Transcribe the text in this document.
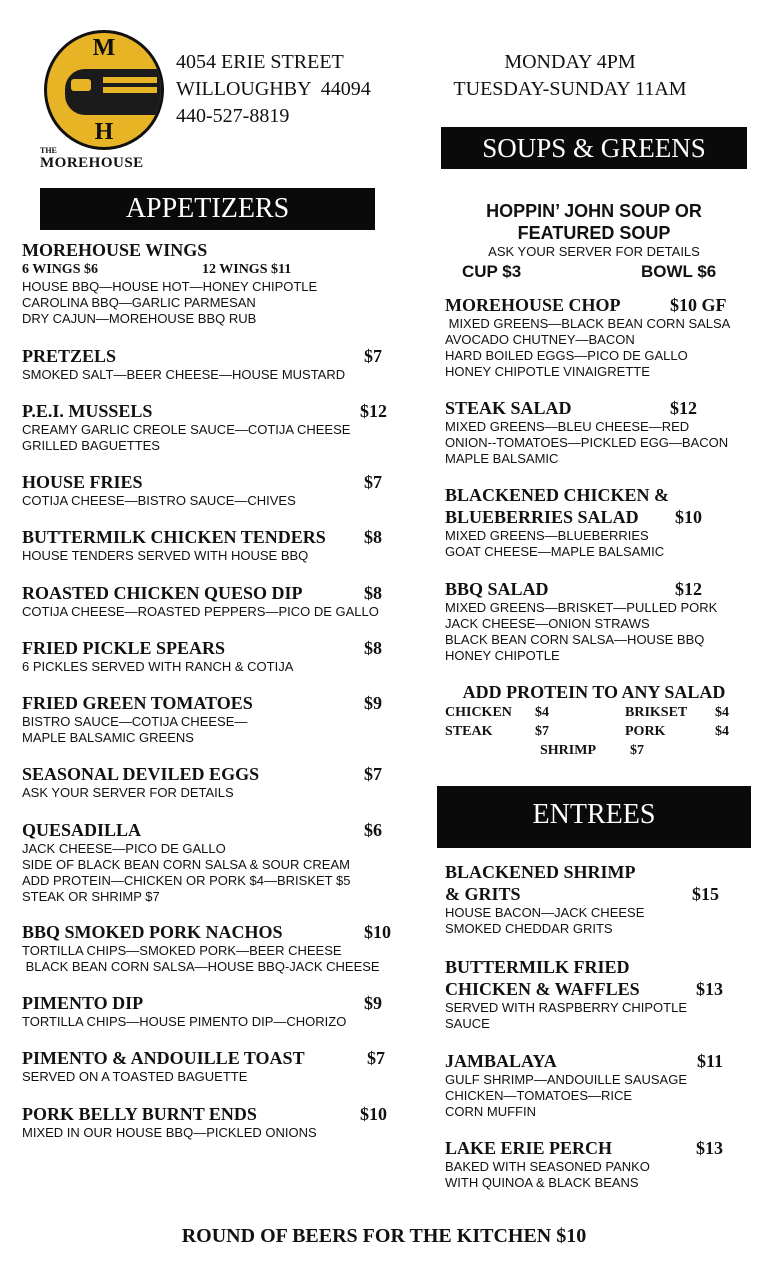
M
H
THE
MOREHOUSE
4054 ERIE STREET
WILLOUGHBY  44094
440-527-8819
MONDAY 4PM
TUESDAY-SUNDAY 11AM
SOUPS & GREENS
APPETIZERS
ENTREES
MOREHOUSE WINGS
6 WINGS $6	12 WINGS $11
HOUSE BBQ—HOUSE HOT—HONEY CHIPOTLE
CAROLINA BBQ—GARLIC PARMESAN
DRY CAJUN—MOREHOUSE BBQ RUB
PRETZELS	$7
SMOKED SALT—BEER CHEESE—HOUSE MUSTARD
P.E.I. MUSSELS	$12
CREAMY GARLIC CREOLE SAUCE—COTIJA CHEESE
GRILLED BAGUETTES
HOUSE FRIES	$7
COTIJA CHEESE—BISTRO SAUCE—CHIVES
BUTTERMILK CHICKEN TENDERS	$8
HOUSE TENDERS SERVED WITH HOUSE BBQ
ROASTED CHICKEN QUESO DIP	$8
COTIJA CHEESE—ROASTED PEPPERS—PICO DE GALLO
FRIED PICKLE SPEARS	$8
6 PICKLES SERVED WITH RANCH & COTIJA
FRIED GREEN TOMATOES	$9
BISTRO SAUCE—COTIJA CHEESE—
MAPLE BALSAMIC GREENS
SEASONAL DEVILED EGGS	$7
ASK YOUR SERVER FOR DETAILS
QUESADILLA	$6
JACK CHEESE—PICO DE GALLO
SIDE OF BLACK BEAN CORN SALSA & SOUR CREAM
ADD PROTEIN—CHICKEN OR PORK $4—BRISKET $5
STEAK OR SHRIMP $7
BBQ SMOKED PORK NACHOS	$10
TORTILLA CHIPS—SMOKED PORK—BEER CHEESE
BLACK BEAN CORN SALSA—HOUSE BBQ-JACK CHEESE
PIMENTO DIP	$9
TORTILLA CHIPS—HOUSE PIMENTO DIP—CHORIZO
PIMENTO & ANDOUILLE TOAST	$7
SERVED ON A TOASTED BAGUETTE
PORK BELLY BURNT ENDS	$10
MIXED IN OUR HOUSE BBQ—PICKLED ONIONS
HOPPIN’ JOHN SOUP OR
FEATURED SOUP
ASK YOUR SERVER FOR DETAILS
CUP $3	BOWL $6
MOREHOUSE CHOP	$10 GF
MIXED GREENS—BLACK BEAN CORN SALSA
AVOCADO CHUTNEY—BACON
HARD BOILED EGGS—PICO DE GALLO
HONEY CHIPOTLE VINAIGRETTE
STEAK SALAD	$12
MIXED GREENS—BLEU CHEESE—RED
ONION--TOMATOES—PICKLED EGG—BACON
MAPLE BALSAMIC
BLACKENED CHICKEN &
BLUEBERRIES SALAD	$10
MIXED GREENS—BLUEBERRIES
GOAT CHEESE—MAPLE BALSAMIC
BBQ SALAD	$12
MIXED GREENS—BRISKET—PULLED PORK
JACK CHEESE—ONION STRAWS
BLACK BEAN CORN SALSA—HOUSE BBQ
HONEY CHIPOTLE
ADD PROTEIN TO ANY SALAD
CHICKEN $4	BRIKSET $4
STEAK	$7	PORK	$4
SHRIMP $7
BLACKENED SHRIMP
& GRITS	$15
HOUSE BACON—JACK CHEESE
SMOKED CHEDDAR GRITS
BUTTERMILK FRIED
CHICKEN & WAFFLES	$13
SERVED WITH RASPBERRY CHIPOTLE
SAUCE
JAMBALAYA	$11
GULF SHRIMP—ANDOUILLE SAUSAGE
CHICKEN—TOMATOES—RICE
CORN MUFFIN
LAKE ERIE PERCH	$13
BAKED WITH SEASONED PANKO
WITH QUINOA & BLACK BEANS
ROUND OF BEERS FOR THE KITCHEN $10
